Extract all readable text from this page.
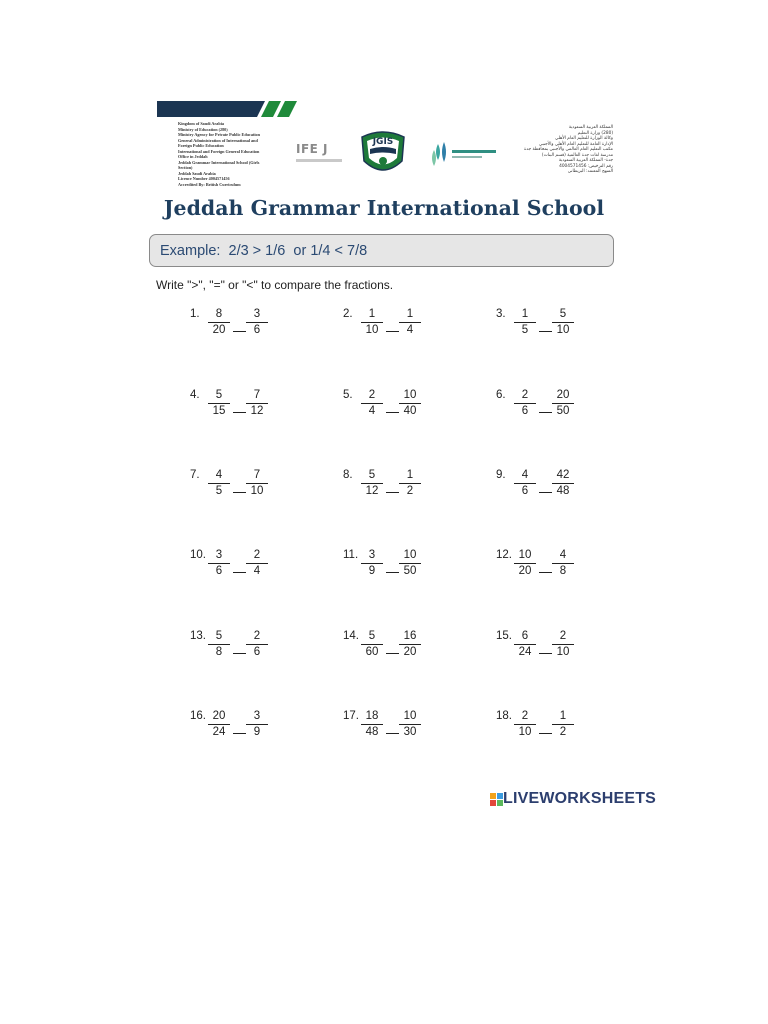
Kingdom of Saudi Arabia
Ministry of Education (280)
Ministry Agency for Private Public Education
General Administration of International and
Foreign Public Education
International and Foreign General Education
Office in Jeddah
Jeddah Grammar International School (Girls
Section)
Jeddah Saudi Arabia
Licence Number 4004571456
Accredited By: British Curriculum
IFE J	JGIS
المملكة العربية السعودية
(280) وزارة التعليم
وكالة الوزارة للتعليم العام الأهلي
الإدارة العامة للتعليم العام الأهلي والأجنبي
مكتب التعليم العام العالمي والأجنبي بمحافظة جدة
مدرسة لغات جدة العالمية (قسم البنات)
جدة- المملكة العربية السعودية
رقم الترخيص: 4004571456
المنهج المعتمد: البريطاني
Jeddah Grammar International School
Example:  2/3 > 1/6  or 1/4 < 7/8
Write ">", "=" or "<" to compare the fractions.
1.	8
20
3
6
2.	1
10
1
4
3.	1
5
5
10
4.	5
15
7
12
5.	2
4
10
40
6.	2
6
20
50
7.	4
5
7
10
8.	5
12
1
2
9.	4
6
42
48
10. 3
6
2
4
11. 3
9
10
50
12. 10
20
4
8
13. 5
8
2
6
14. 5
60
16
20
15. 6
24
2
10
16. 20
24
3
9
17. 18
48
10
30
18. 2
10
1
2
LIVEWORKSHEETS
